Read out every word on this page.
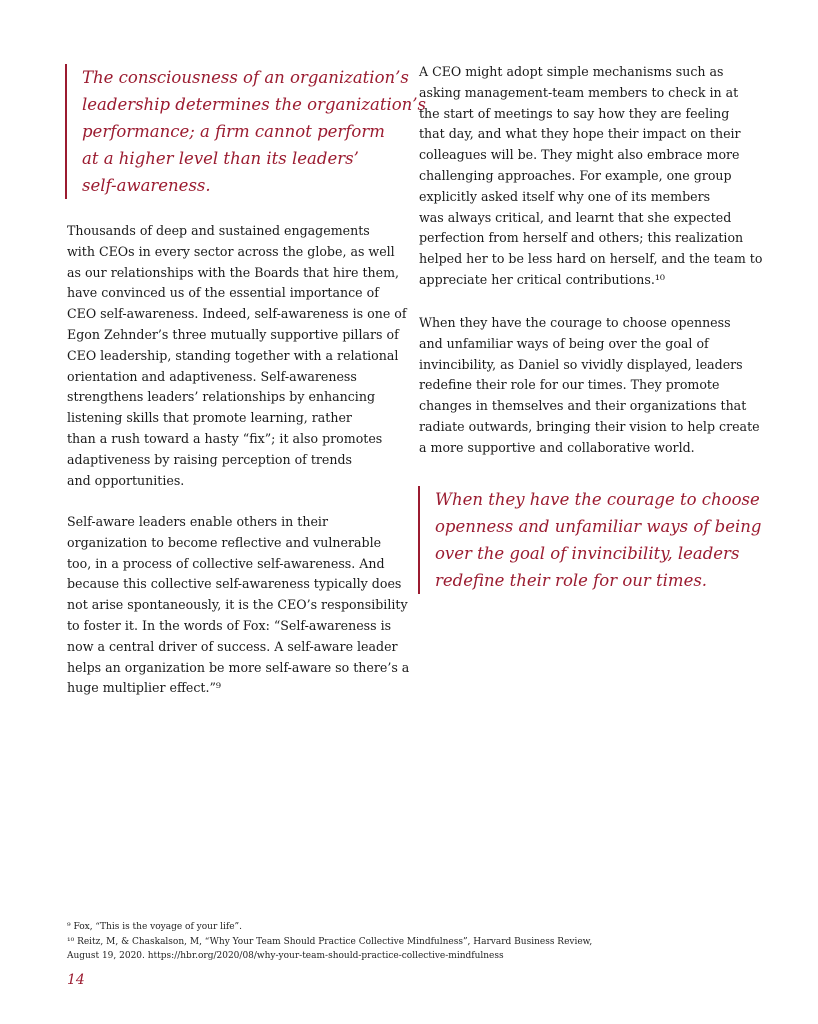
The consciousness of an organization’s
leadership determines the organization’s
performance; a firm cannot perform
at a higher level than its leaders’
self-awareness.
Thousands of deep and sustained engagements
with CEOs in every sector across the globe, as well
as our relationships with the Boards that hire them,
have convinced us of the essential importance of
CEO self-awareness. Indeed, self-awareness is one of
Egon Zehnder’s three mutually supportive pillars of
CEO leadership, standing together with a relational
orientation and adaptiveness. Self-awareness
strengthens leaders’ relationships by enhancing
listening skills that promote learning, rather
than a rush toward a hasty “fix”; it also promotes
adaptiveness by raising perception of trends
and opportunities.
Self-aware leaders enable others in their
organization to become reflective and vulnerable
too, in a process of collective self-awareness. And
because this collective self-awareness typically does
not arise spontaneously, it is the CEO’s responsibility
to foster it. In the words of Fox: “Self-awareness is
now a central driver of success. A self-aware leader
helps an organization be more self-aware so there’s a
huge multiplier effect.”⁹
A CEO might adopt simple mechanisms such as
asking management-team members to check in at
the start of meetings to say how they are feeling
that day, and what they hope their impact on their
colleagues will be. They might also embrace more
challenging approaches. For example, one group
explicitly asked itself why one of its members
was always critical, and learnt that she expected
perfection from herself and others; this realization
helped her to be less hard on herself, and the team to
appreciate her critical contributions.¹⁰
When they have the courage to choose openness
and unfamiliar ways of being over the goal of
invincibility, as Daniel so vividly displayed, leaders
redefine their role for our times. They promote
changes in themselves and their organizations that
radiate outwards, bringing their vision to help create
a more supportive and collaborative world.
When they have the courage to choose
openness and unfamiliar ways of being
over the goal of invincibility, leaders
redefine their role for our times.
⁹ Fox, “This is the voyage of your life”.
¹⁰ Reitz, M, & Chaskalson, M, “Why Your Team Should Practice Collective Mindfulness”, Harvard Business Review,
August 19, 2020. https://hbr.org/2020/08/why-your-team-should-practice-collective-mindfulness
14
